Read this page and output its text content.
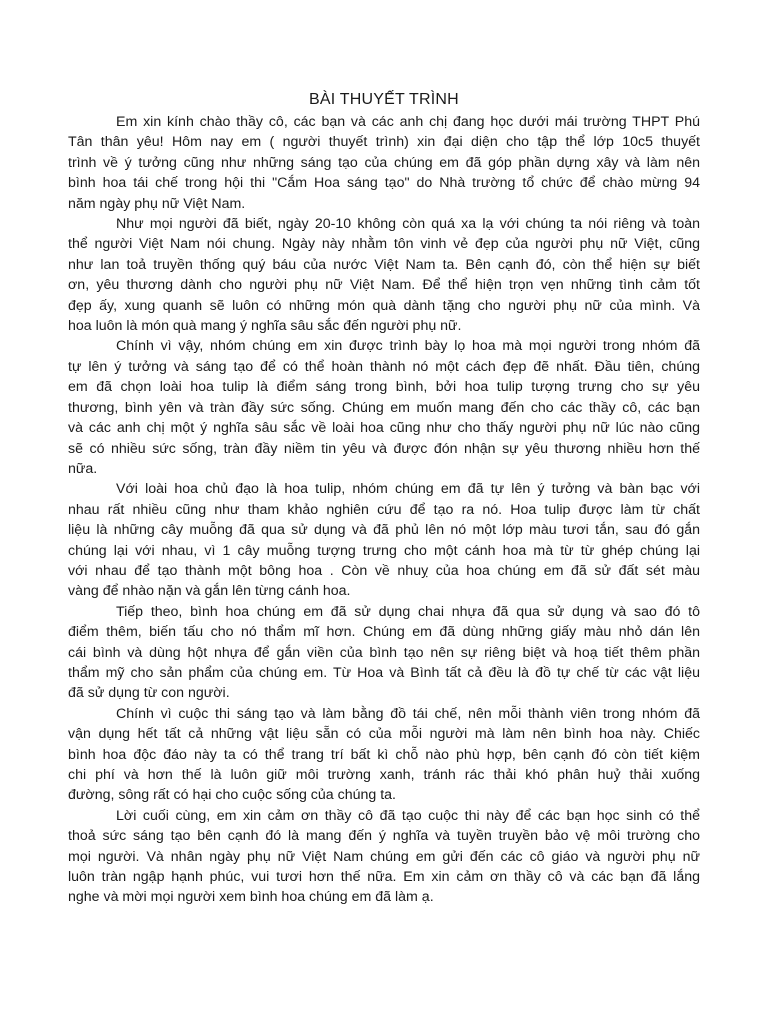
BÀI THUYẾT TRÌNH

Em xin kính chào thầy cô, các bạn và các anh chị đang học dưới mái trường THPT Phú
Tân thân yêu! Hôm nay em ( người thuyết trình) xin đại diện cho tập thể lớp 10c5 thuyết
trình về ý tưởng cũng như những sáng tạo của chúng em đã góp phần dựng xây và làm nên
bình hoa tái chế trong hội thi "Cắm Hoa sáng tạo" do Nhà trường tổ chức để chào mừng 94
năm ngày phụ nữ Việt Nam.

Như mọi người đã biết, ngày 20-10 không còn quá xa lạ với chúng ta nói riêng và toàn
thể người Việt Nam nói chung. Ngày này nhằm tôn vinh vẻ đẹp của người phụ nữ Việt, cũng
như lan toả truyền thống quý báu của nước Việt Nam ta. Bên cạnh đó, còn thể hiện sự biết
ơn, yêu thương dành cho người phụ nữ Việt Nam. Để thể hiện trọn vẹn những tình cảm tốt
đẹp ấy, xung quanh sẽ luôn có những món quà dành tặng cho người phụ nữ của mình. Và
hoa luôn là món quà mang ý nghĩa sâu sắc đến người phụ nữ.

Chính vì vậy, nhóm chúng em xin được trình bày lọ hoa mà mọi người trong nhóm đã
tự lên ý tưởng và sáng tạo để có thể hoàn thành nó một cách đẹp đẽ nhất. Đầu tiên, chúng
em đã chọn loài hoa tulip là điểm sáng trong bình, bởi hoa tulip tượng trưng cho sự yêu
thương, bình yên và tràn đầy sức sống. Chúng em muốn mang đến cho các thầy cô, các bạn
và các anh chị một ý nghĩa sâu sắc về loài hoa cũng như cho thấy người phụ nữ lúc nào cũng
sẽ có nhiều sức sống, tràn đầy niềm tin yêu và được đón nhận sự yêu thương nhiều hơn thế
nữa.

Với loài hoa chủ đạo là hoa tulip, nhóm chúng em đã tự lên ý tưởng và bàn bạc với
nhau rất nhiều cũng như tham khảo nghiên cứu để tạo ra nó. Hoa tulip được làm từ chất
liệu là những cây muỗng đã qua sử dụng và đã phủ lên nó một lớp màu tươi tắn, sau đó gắn
chúng lại với nhau, vì 1 cây muỗng tượng trưng cho một cánh hoa mà từ từ ghép chúng lại
với nhau để tạo thành một bông hoa . Còn về nhuỵ của hoa chúng em đã sử đất sét màu
vàng để nhào nặn và gắn lên từng cánh hoa.

Tiếp theo, bình hoa chúng em đã sử dụng chai nhựa đã qua sử dụng và sao đó tô
điểm thêm, biến tấu cho nó thẩm mĩ hơn. Chúng em đã dùng những giấy màu nhỏ dán lên
cái bình và dùng hột nhựa để gắn viền của bình tạo nên sự riêng biệt và hoạ tiết thêm phần
thẩm mỹ cho sản phẩm của chúng em. Từ Hoa và Bình tất cả đều là đồ tự chế từ các vật liệu
đã sử dụng từ con người.

Chính vì cuộc thi sáng tạo và làm bằng đồ tái chế, nên mỗi thành viên trong nhóm đã
vận dụng hết tất cả những vật liệu sẵn có của mỗi người mà làm nên bình hoa này. Chiếc
bình hoa độc đáo này ta có thể trang trí bất kì chỗ nào phù hợp, bên cạnh đó còn tiết kiệm
chi phí và hơn thế là luôn giữ môi trường xanh, tránh rác thải khó phân huỷ thải xuống
đường, sông rất có hại cho cuộc sống của chúng ta.

Lời cuối cùng, em xin cảm ơn thầy cô đã tạo cuộc thi này để các bạn học sinh có thể
thoả sức sáng tạo bên cạnh đó là mang đến ý nghĩa và tuyền truyền bảo vệ môi trường cho
mọi người. Và nhân ngày phụ nữ Việt Nam chúng em gửi đến các cô giáo và người phụ nữ
luôn tràn ngập hạnh phúc, vui tươi hơn thế nữa. Em xin cảm ơn thầy cô và các bạn đã lắng
nghe và mời mọi người xem bình hoa chúng em đã làm ạ.
